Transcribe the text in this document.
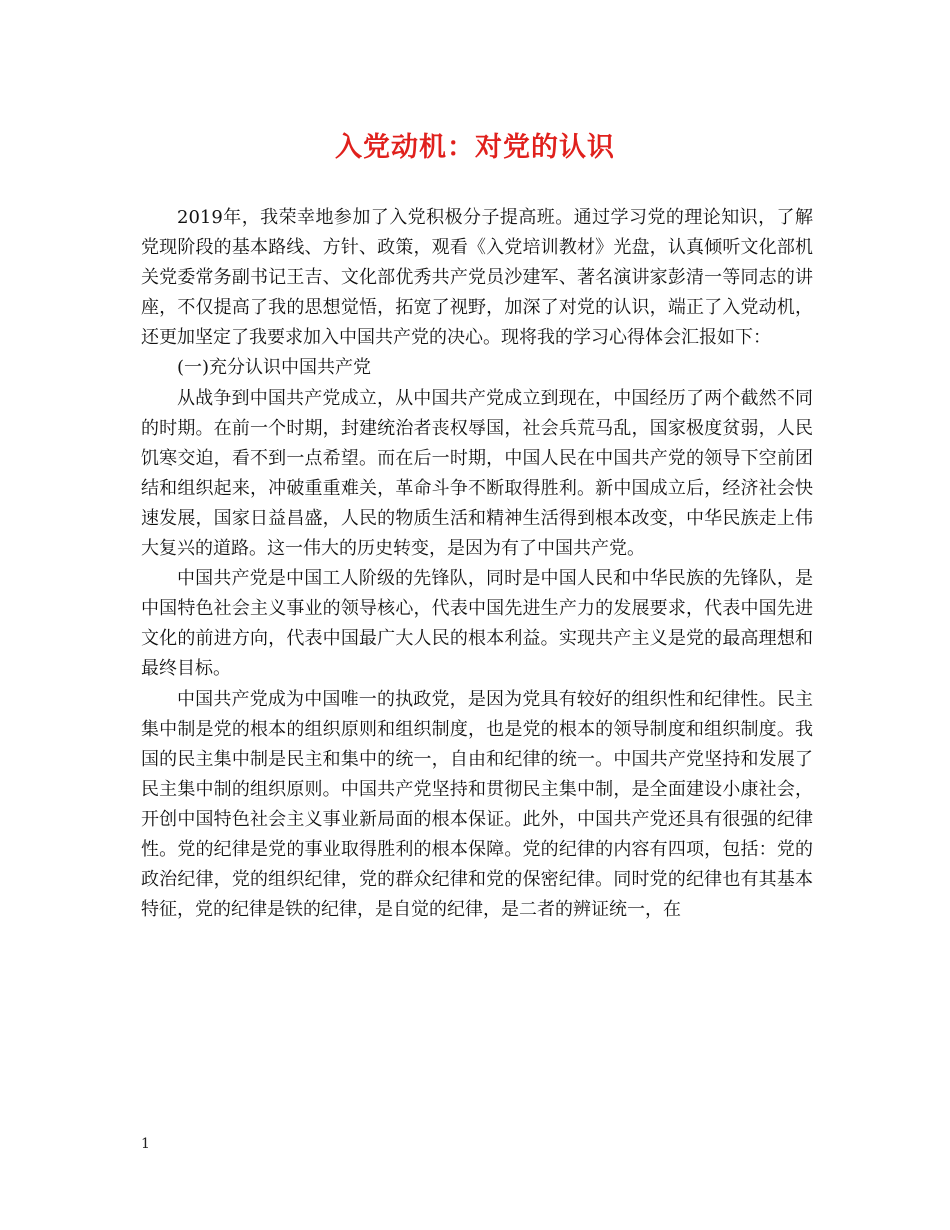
入党动机：对党的认识

2019年，我荣幸地参加了入党积极分子提高班。通过学习党的理论知识，了解党现阶段的基本路线、方针、政策，观看《入党培训教材》光盘，认真倾听文化部机关党委常务副书记王吉、文化部优秀共产党员沙建军、著名演讲家彭清一等同志的讲座，不仅提高了我的思想觉悟，拓宽了视野，加深了对党的认识，端正了入党动机，还更加坚定了我要求加入中国共产党的决心。现将我的学习心得体会汇报如下：

(一)充分认识中国共产党

从战争到中国共产党成立，从中国共产党成立到现在，中国经历了两个截然不同的时期。在前一个时期，封建统治者丧权辱国，社会兵荒马乱，国家极度贫弱，人民饥寒交迫，看不到一点希望。而在后一时期，中国人民在中国共产党的领导下空前团结和组织起来，冲破重重难关，革命斗争不断取得胜利。新中国成立后，经济社会快速发展，国家日益昌盛，人民的物质生活和精神生活得到根本改变，中华民族走上伟大复兴的道路。这一伟大的历史转变，是因为有了中国共产党。

中国共产党是中国工人阶级的先锋队，同时是中国人民和中华民族的先锋队，是中国特色社会主义事业的领导核心，代表中国先进生产力的发展要求，代表中国先进文化的前进方向，代表中国最广大人民的根本利益。实现共产主义是党的最高理想和最终目标。

中国共产党成为中国唯一的执政党，是因为党具有较好的组织性和纪律性。民主集中制是党的根本的组织原则和组织制度，也是党的根本的领导制度和组织制度。我国的民主集中制是民主和集中的统一，自由和纪律的统一。中国共产党坚持和发展了民主集中制的组织原则。中国共产党坚持和贯彻民主集中制，是全面建设小康社会，开创中国特色社会主义事业新局面的根本保证。此外，中国共产党还具有很强的纪律性。党的纪律是党的事业取得胜利的根本保障。党的纪律的内容有四项，包括：党的政治纪律，党的组织纪律，党的群众纪律和党的保密纪律。同时党的纪律也有其基本特征，党的纪律是铁的纪律，是自觉的纪律，是二者的辨证统一，在

1
